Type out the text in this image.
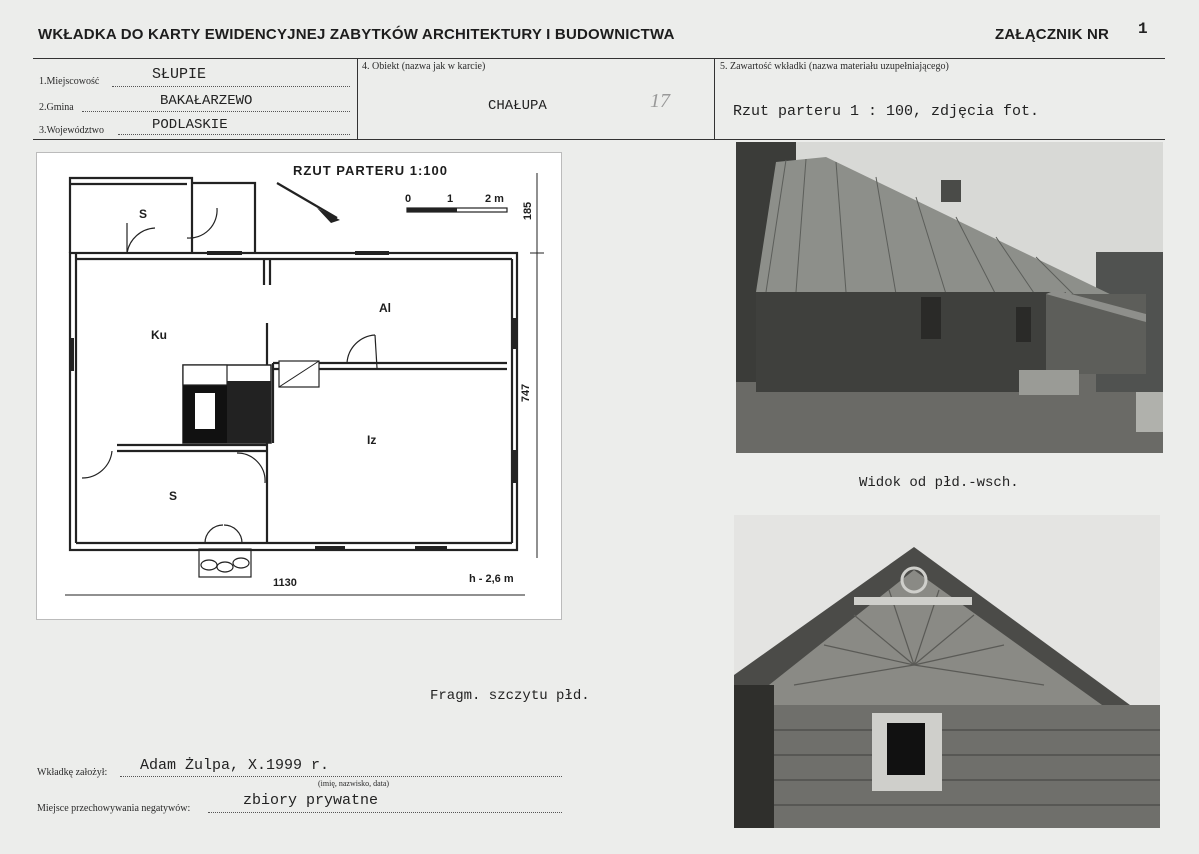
WKŁADKA DO KARTY EWIDENCYJNEJ ZABYTKÓW ARCHITEKTURY I BUDOWNICTWA	ZAŁĄCZNIK NR 1
1.Miejscowość	SŁUPIE
2.Gmina	BAKAŁARZEWO
3.Województwo	PODLASKIE
4. Obiekt (nazwa jak w karcie)
CHAŁUPA	17
5. Zawartość wkładki (nazwa materiału uzupełniającego)
Rzut parteru 1 : 100, zdjęcia fot.
RZUT PARTERU 1:100
0	1	2 m
S
Ku
Al
Iz
S
1130	h - 2,6 m
747
185
Widok od płd.-wsch.
Fragm. szczytu płd.
Wkładkę założył: Adam Żulpa, X.1999 r.
(imię, nazwisko, data)
Miejsce przechowywania negatywów:	zbiory prywatne
